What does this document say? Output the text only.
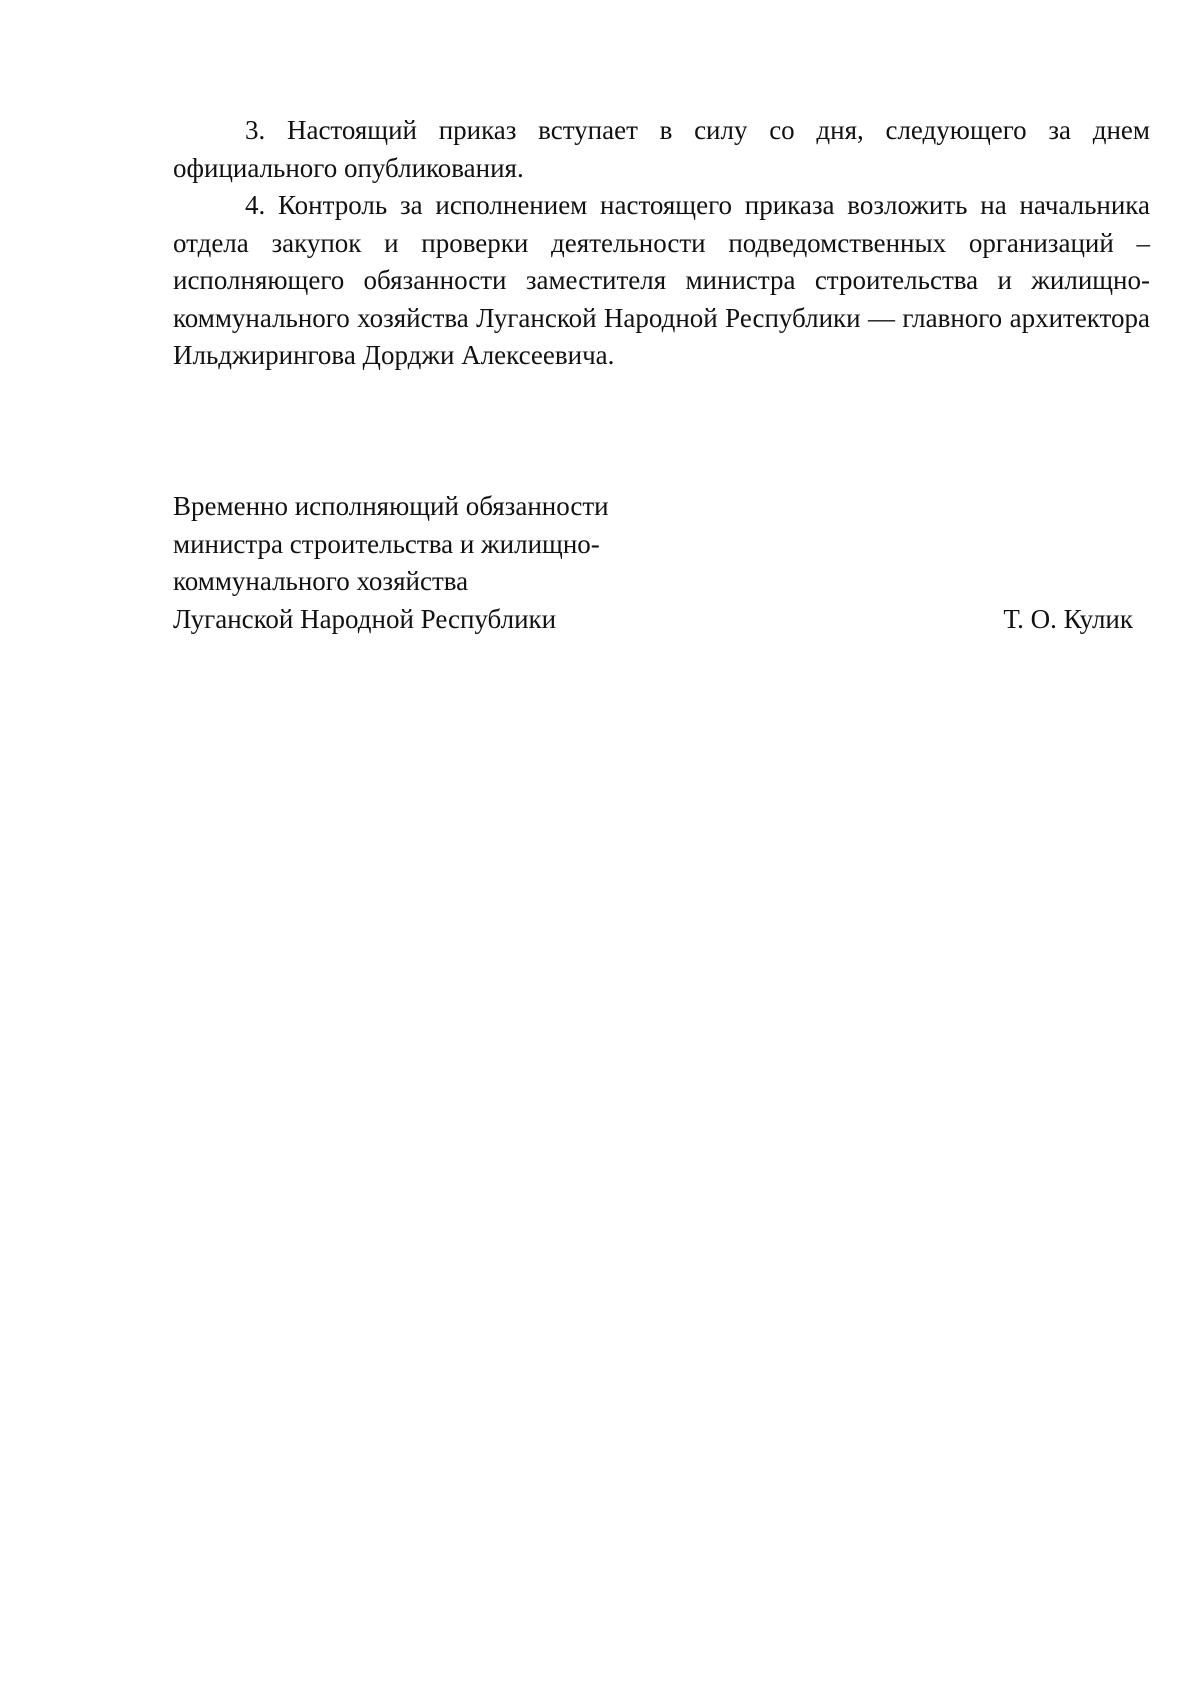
3. Настоящий приказ вступает в силу со дня, следующего за днем официального опубликования.

4. Контроль за исполнением настоящего приказа возложить на начальника отдела закупок и проверки деятельности подведомственных организаций – исполняющего обязанности заместителя министра строительства и жилищно-коммунального хозяйства Луганской Народной Республики — главного архитектора Ильджирингова Дорджи Алексеевича.

Временно исполняющий обязанности
министра строительства и жилищно-
коммунального хозяйства
Луганской Народной Республики	Т. О. Кулик
